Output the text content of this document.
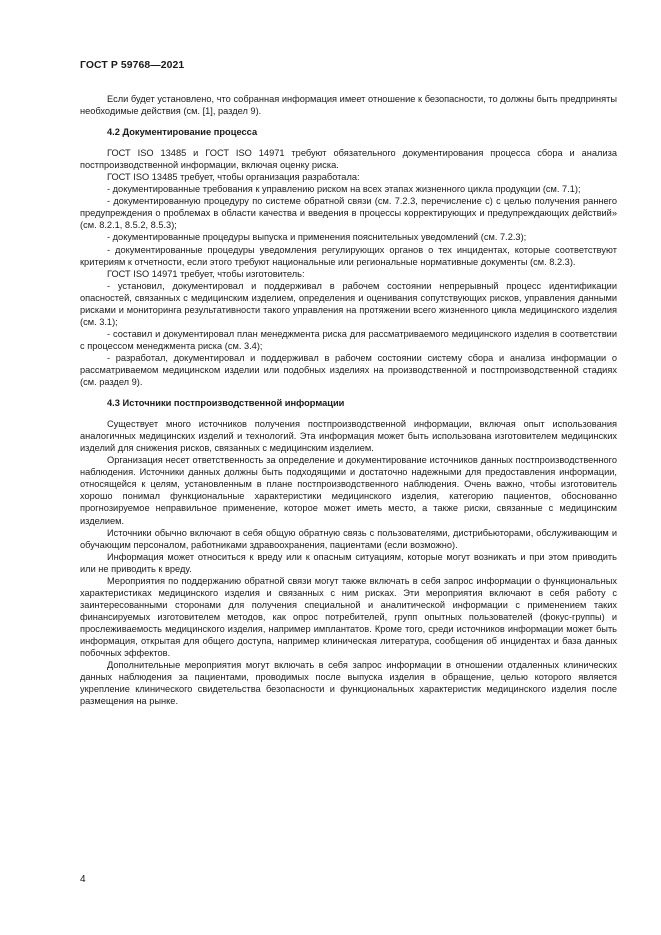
ГОСТ Р 59768—2021

Если будет установлено, что собранная информация имеет отношение к безопасности, то должны быть предприняты необходимые действия (см. [1], раздел 9).

4.2 Документирование процесса

ГОСТ ISO 13485 и ГОСТ ISO 14971 требуют обязательного документирования процесса сбора и анализа постпроизводственной информации, включая оценку риска.

ГОСТ ISO 13485 требует, чтобы организация разработала:

- документированные требования к управлению риском на всех этапах жизненного цикла продукции (см. 7.1);

- документированную процедуру по системе обратной связи (см. 7.2.3, перечисление с) с целью получения раннего предупреждения о проблемах в области качества и введения в процессы корректирующих и предупреждающих действий» (см. 8.2.1, 8.5.2, 8.5.3);

- документированные процедуры выпуска и применения пояснительных уведомлений (см. 7.2.3);

- документированные процедуры уведомления регулирующих органов о тех инцидентах, которые соответствуют критериям к отчетности, если этого требуют национальные или региональные нормативные документы (см. 8.2.3).

ГОСТ ISO 14971 требует, чтобы изготовитель:

- установил, документировал и поддерживал в рабочем состоянии непрерывный процесс идентификации опасностей, связанных с медицинским изделием, определения и оценивания сопутствующих рисков, управления данными рисками и мониторинга результативности такого управления на протяжении всего жизненного цикла медицинского изделия (см. 3.1);

- составил и документировал план менеджмента риска для рассматриваемого медицинского изделия в соответствии с процессом менеджмента риска (см. 3.4);

- разработал, документировал и поддерживал в рабочем состоянии систему сбора и анализа информации о рассматриваемом медицинском изделии или подобных изделиях на производственной и постпроизводственной стадиях (см. раздел 9).

4.3 Источники постпроизводственной информации

Существует много источников получения постпроизводственной информации, включая опыт использования аналогичных медицинских изделий и технологий. Эта информация может быть использована изготовителем медицинских изделий для снижения рисков, связанных с медицинским изделием.

Организация несет ответственность за определение и документирование источников данных постпроизводственного наблюдения. Источники данных должны быть подходящими и достаточно надежными для предоставления информации, относящейся к целям, установленным в плане постпроизводственного наблюдения. Очень важно, чтобы изготовитель хорошо понимал функциональные характеристики медицинского изделия, категорию пациентов, обоснованно прогнозируемое неправильное применение, которое может иметь место, а также риски, связанные с медицинским изделием.

Источники обычно включают в себя общую обратную связь с пользователями, дистрибьюторами, обслуживающим и обучающим персоналом, работниками здравоохранения, пациентами (если возможно).

Информация может относиться к вреду или к опасным ситуациям, которые могут возникать и при этом приводить или не приводить к вреду.

Мероприятия по поддержанию обратной связи могут также включать в себя запрос информации о функциональных характеристиках медицинского изделия и связанных с ним рисках. Эти мероприятия включают в себя работу с заинтересованными сторонами для получения специальной и аналитической информации с применением таких финансируемых изготовителем методов, как опрос потребителей, групп опытных пользователей (фокус-группы) и прослеживаемость медицинского изделия, например имплантатов. Кроме того, среди источников информации может быть информация, открытая для общего доступа, например клиническая литература, сообщения об инцидентах и база данных побочных эффектов.

Дополнительные мероприятия могут включать в себя запрос информации в отношении отдаленных клинических данных наблюдения за пациентами, проводимых после выпуска изделия в обращение, целью которого является укрепление клинического свидетельства безопасности и функциональных характеристик медицинского изделия после размещения на рынке.

4
